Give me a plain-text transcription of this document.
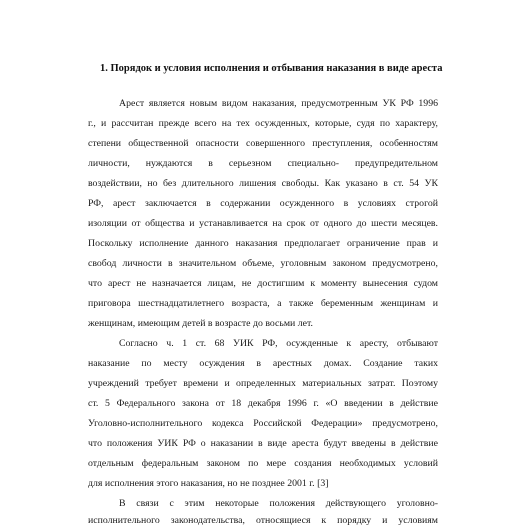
1. Порядок и условия исполнения и отбывания наказания в виде ареста
Арест является новым видом наказания, предусмотренным УК РФ 1996
г., и рассчитан прежде всего на тех осужденных, которые, судя по характеру,
степени общественной опасности совершенного преступления, особенностям
личности, нуждаются в серьезном специально- предупредительном
воздействии, но без длительного лишения свободы. Как указано в ст. 54 УК
РФ, арест заключается в содержании осужденного в условиях строгой
изоляции от общества и устанавливается на срок от одного до шести месяцев.
Поскольку исполнение данного наказания предполагает ограничение прав и
свобод личности в значительном объеме, уголовным законом предусмотрено,
что арест не назначается лицам, не достигшим к моменту вынесения судом
приговора шестнадцатилетнего возраста, а также беременным женщинам и
женщинам, имеющим детей в возрасте до восьми лет.
Согласно ч. 1 ст. 68 УИК РФ, осужденные к аресту, отбывают
наказание по месту осуждения в арестных домах. Создание таких
учреждений требует времени и определенных материальных затрат. Поэтому
ст. 5 Федерального закона от 18 декабря 1996 г. «О введении в действие
Уголовно-исполнительного кодекса Российской Федерации» предусмотрено,
что положения УИК РФ о наказании в виде ареста будут введены в действие
отдельным федеральным законом по мере создания необходимых условий
для исполнения этого наказания, но не позднее 2001 г. [3]
В связи с этим некоторые положения действующего уголовно-
исполнительного законодательства, относящиеся к порядку и условиям
